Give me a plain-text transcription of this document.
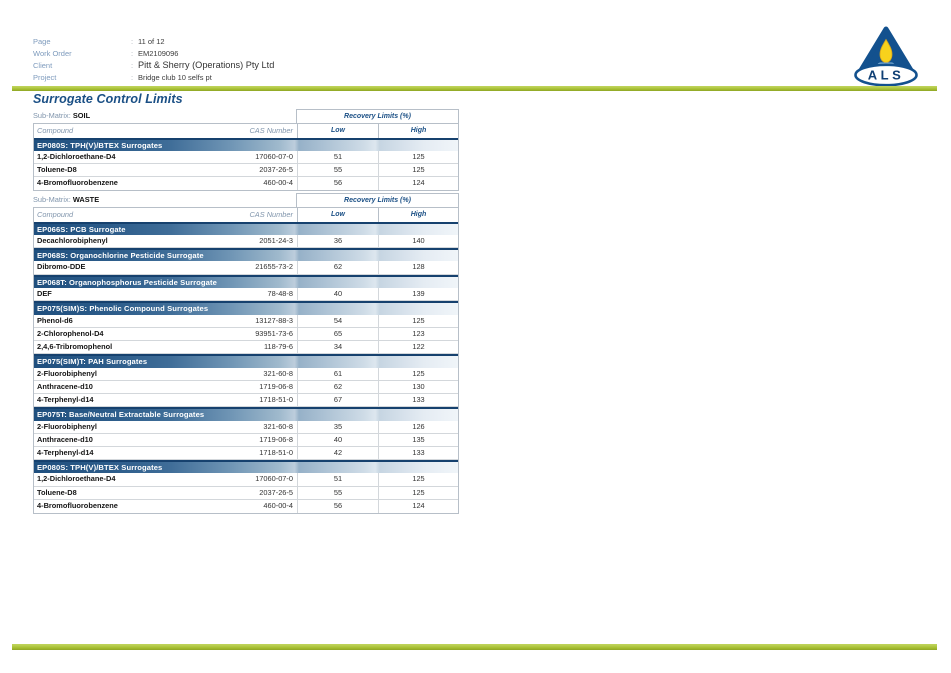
Page	: 11 of 12
Work Order	: EM2109096
Client	: Pitt & Sherry (Operations) Pty Ltd
Project	: Bridge club 10 selfs pt	ALS
Surrogate Control Limits
Sub-Matrix: SOIL	Recovery Limits (%)
Compound	CAS Number	Low	High
EP080S: TPH(V)/BTEX Surrogates
1,2-Dichloroethane-D4	17060-07-0	51	125
Toluene-D8	2037-26-5	55	125
4-Bromofluorobenzene	460-00-4	56	124
Sub-Matrix: WASTE	Recovery Limits (%)
Compound	CAS Number	Low	High
EP066S: PCB Surrogate
Decachlorobiphenyl	2051-24-3	36	140
EP068S: Organochlorine Pesticide Surrogate
Dibromo-DDE	21655-73-2	62	128
EP068T: Organophosphorus Pesticide Surrogate
DEF	78-48-8	40	139
EP075(SIM)S: Phenolic Compound Surrogates
Phenol-d6	13127-88-3	54	125
2-Chlorophenol-D4	93951-73-6	65	123
2,4,6-Tribromophenol	118-79-6	34	122
EP075(SIM)T: PAH Surrogates
2-Fluorobiphenyl	321-60-8	61	125
Anthracene-d10	1719-06-8	62	130
4-Terphenyl-d14	1718-51-0	67	133
EP075T: Base/Neutral Extractable Surrogates
2-Fluorobiphenyl	321-60-8	35	126
Anthracene-d10	1719-06-8	40	135
4-Terphenyl-d14	1718-51-0	42	133
EP080S: TPH(V)/BTEX Surrogates
1,2-Dichloroethane-D4	17060-07-0	51	125
Toluene-D8	2037-26-5	55	125
4-Bromofluorobenzene	460-00-4	56	124
